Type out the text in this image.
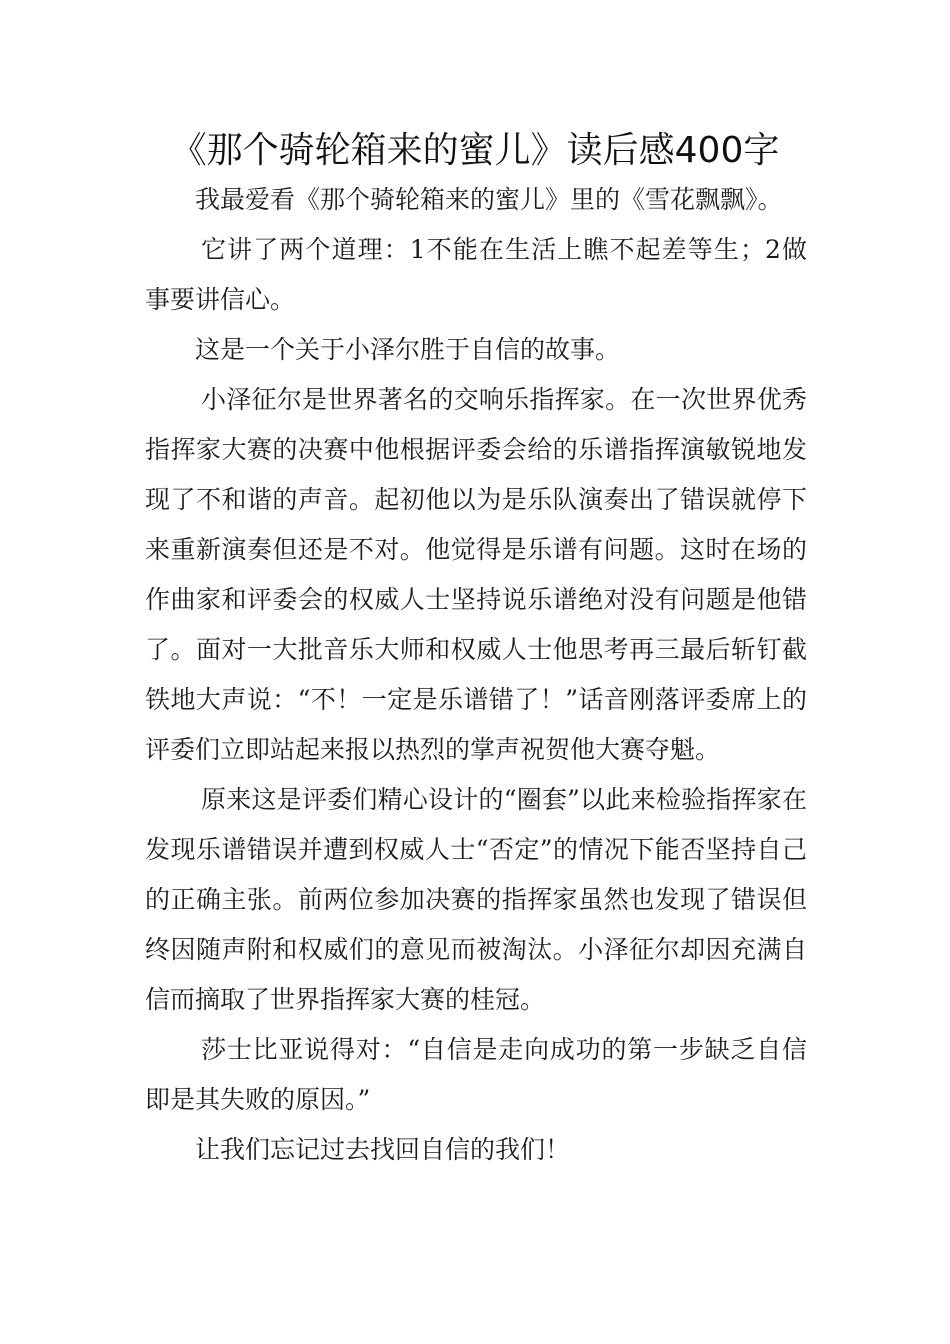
《那个骑轮箱来的蜜儿》读后感400字

我最爱看《那个骑轮箱来的蜜儿》里的《雪花飘飘》。

它讲了两个道理：1不能在生活上瞧不起差等生；2做事要讲信心。

这是一个关于小泽尔胜于自信的故事。

小泽征尔是世界著名的交响乐指挥家。在一次世界优秀指挥家大赛的决赛中他根据评委会给的乐谱指挥演敏锐地发现了不和谐的声音。起初他以为是乐队演奏出了错误就停下来重新演奏但还是不对。他觉得是乐谱有问题。这时在场的作曲家和评委会的权威人士坚持说乐谱绝对没有问题是他错了。面对一大批音乐大师和权威人士他思考再三最后斩钉截铁地大声说：“不！一定是乐谱错了！”话音刚落评委席上的评委们立即站起来报以热烈的掌声祝贺他大赛夺魁。

原来这是评委们精心设计的“圈套”以此来检验指挥家在发现乐谱错误并遭到权威人士“否定”的情况下能否坚持自己的正确主张。前两位参加决赛的指挥家虽然也发现了错误但终因随声附和权威们的意见而被淘汰。小泽征尔却因充满自信而摘取了世界指挥家大赛的桂冠。

莎士比亚说得对：“自信是走向成功的第一步缺乏自信即是其失败的原因。”

让我们忘记过去找回自信的我们！
